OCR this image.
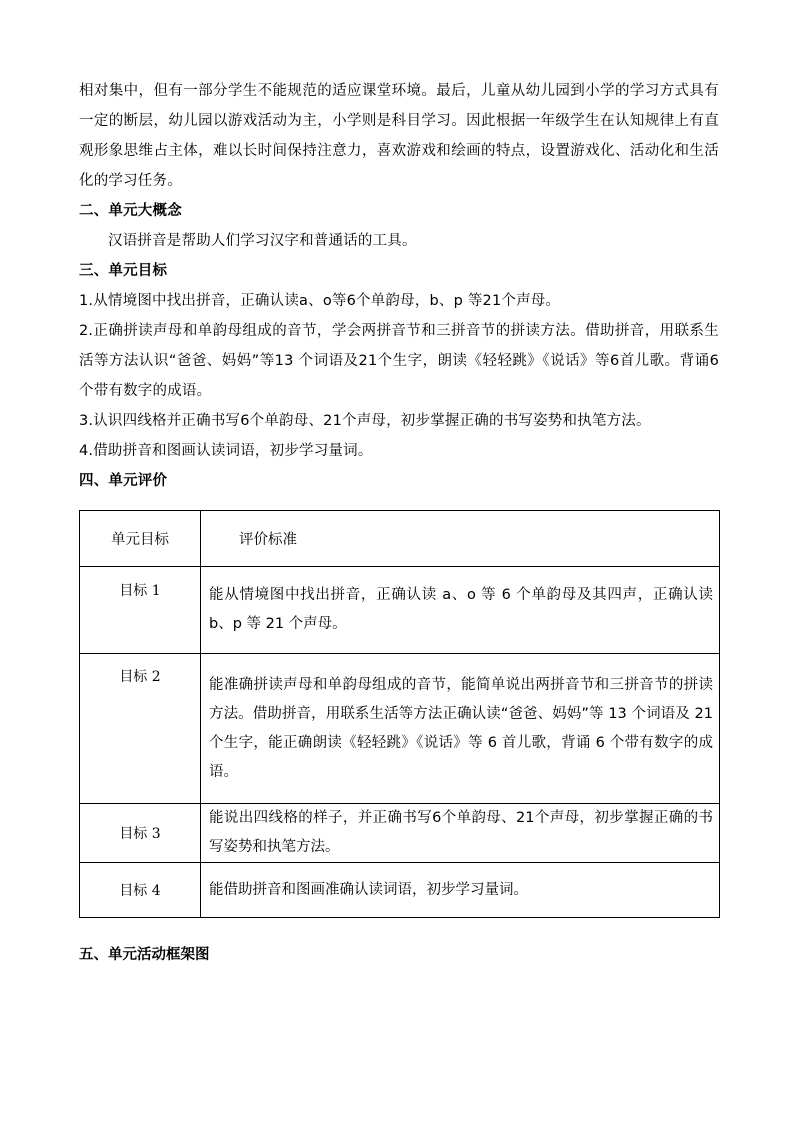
相对集中，但有一部分学生不能规范的适应课堂环境。最后，儿童从幼儿园到小学的学习方式具有一定的断层，幼儿园以游戏活动为主，小学则是科目学习。因此根据一年级学生在认知规律上有直观形象思维占主体，难以长时间保持注意力，喜欢游戏和绘画的特点，设置游戏化、活动化和生活化的学习任务。

二、单元大概念

汉语拼音是帮助人们学习汉字和普通话的工具。

三、单元目标

1.从情境图中找出拼音，正确认读a、o等6个单韵母，b、p 等21个声母。

2.正确拼读声母和单韵母组成的音节，学会两拼音节和三拼音节的拼读方法。借助拼音，用联系生活等方法认识“爸爸、妈妈”等13 个词语及21个生字，朗读《轻轻跳》《说话》等6首儿歌。背诵6个带有数字的成语。

3.认识四线格并正确书写6个单韵母、21个声母，初步掌握正确的书写姿势和执笔方法。

4.借助拼音和图画认读词语，初步学习量词。

四、单元评价

单元目标	评价标准
目标 1	能从情境图中找出拼音，正确认读 a、o 等 6 个单韵母及其四声，正确认读 b、p 等 21 个声母。
目标 2	能准确拼读声母和单韵母组成的音节，能简单说出两拼音节和三拼音节的拼读方法。借助拼音，用联系生活等方法正确认读“爸爸、妈妈”等 13 个词语及 21 个生字，能正确朗读《轻轻跳》《说话》等 6 首儿歌，背诵 6 个带有数字的成语。
目标 3	能说出四线格的样子，并正确书写6个单韵母、21个声母，初步掌握正确的书写姿势和执笔方法。
目标 4	能借助拼音和图画准确认读词语，初步学习量词。

五、单元活动框架图
